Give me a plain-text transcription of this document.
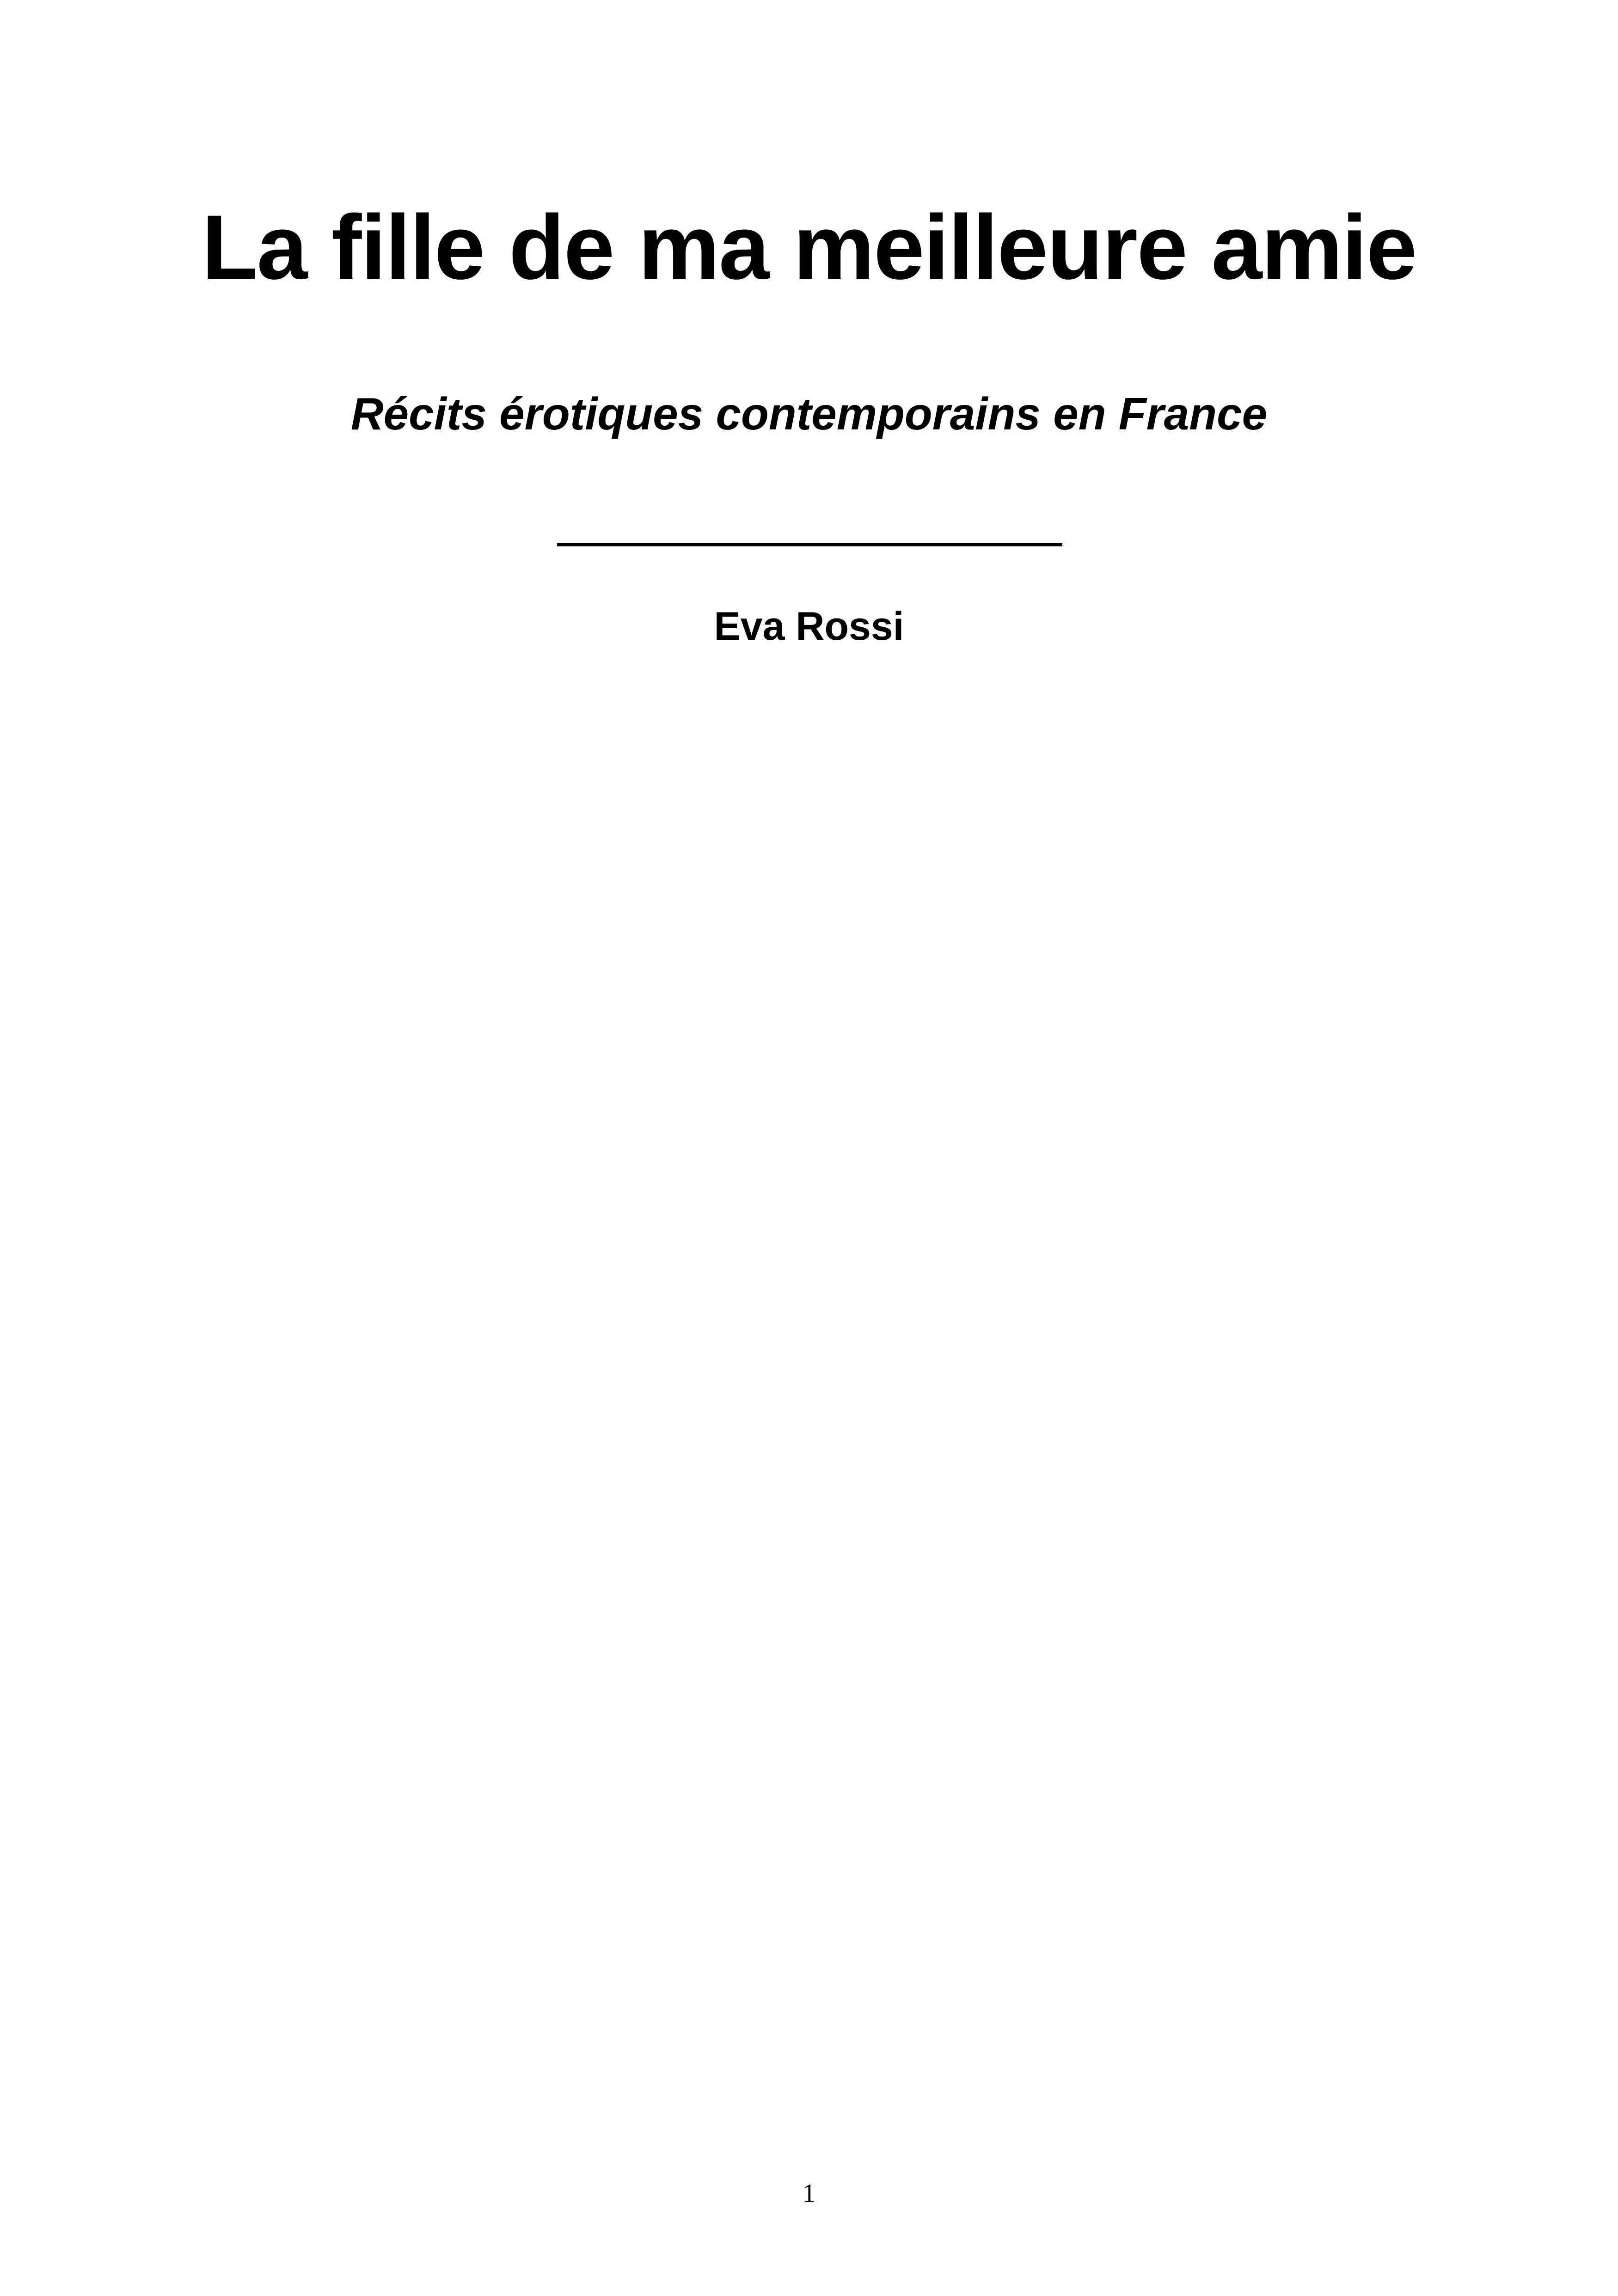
La fille de ma meilleure amie
Récits érotiques contemporains en France

Eva Rossi

1
